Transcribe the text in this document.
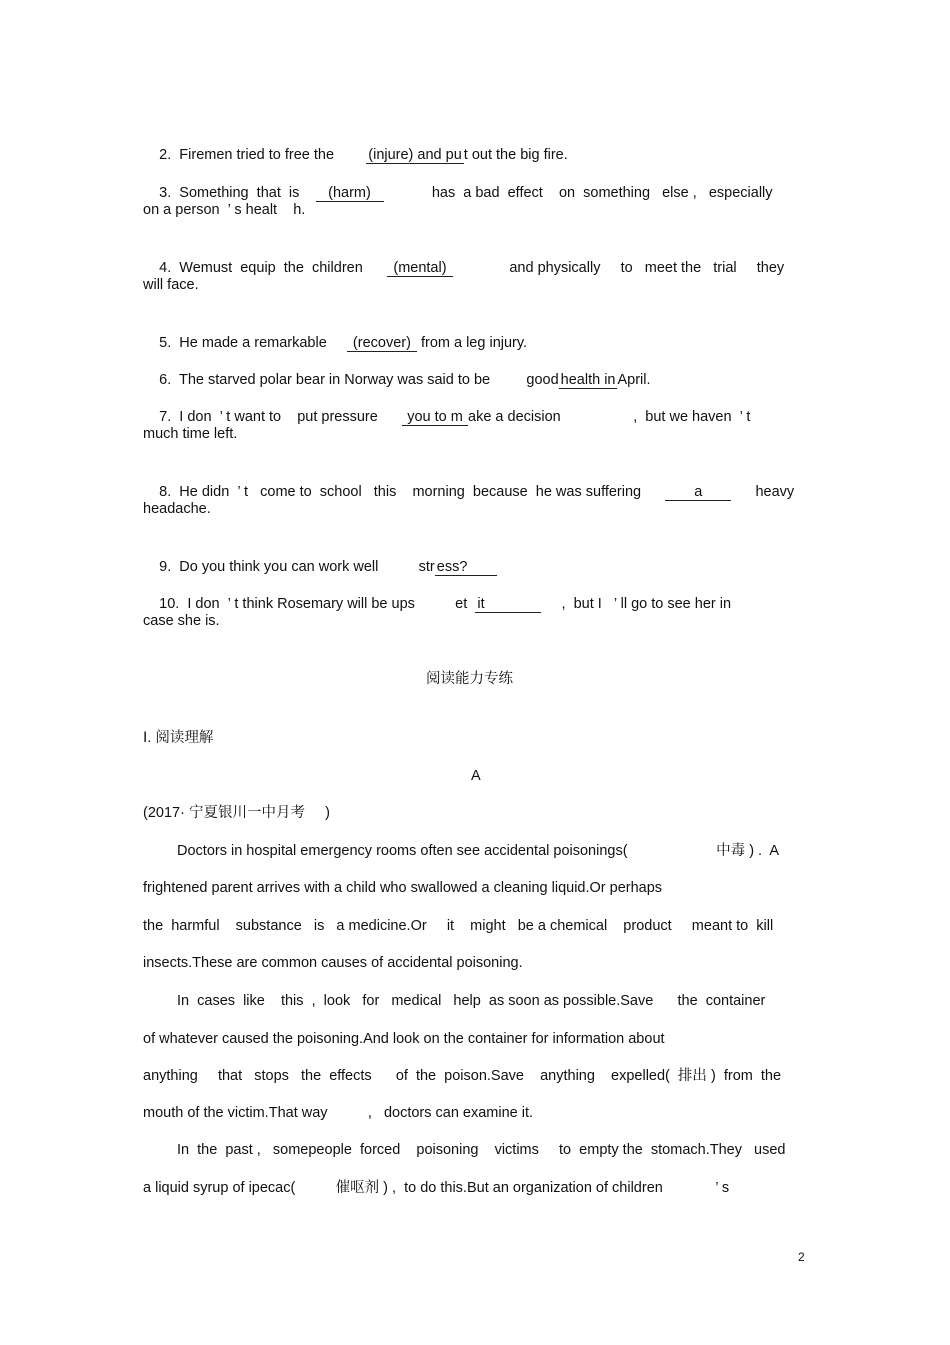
2. Firemen tried to free the (injure) and pu t out the big fire.

3. Something  that  is (harm)	has  a bad  effect    on  something   else ,   especially

on a person  ’ s healt    h.

4. Wemust  equip  the  children (mental)	and physically     to   meet the   trial     they

will face.

5. He made a remarkable (recover) from a leg injury.

6. The starved polar bear in Norway was said to be	good health in April.

7. I don  ’ t want to    put pressure you to m ake a decision                  ,  but we haven  ’ t

much time left.

8. He didn  ’ t   come to  school   this    morning  because  he was suffering	a	heavy

headache.

9. Do you think you can work well	str ess?

10. I don  ’ t think Rosemary will be ups          et it	,  but I   ’ ll go to see her in

case she is.
阅读能力专练
Ⅰ. 阅读理解
A
(2017· 宁夏银川一中月考     )
Doctors in hospital emergency rooms often see accidental poisonings(                      中毒 ) .  A
frightened parent arrives with a child who swallowed a cleaning liquid.Or perhaps
the  harmful    substance   is   a medicine.Or     it    might   be a chemical    product     meant to  kill
insects.These are common causes of accidental poisoning.
In  cases  like    this  ,  look   for   medical   help  as soon as possible.Save      the  container
of whatever caused the poisoning.And look on the container for information about
anything     that   stops   the  effects      of  the  poison.Save    anything    expelled(  排出 )  from  the
mouth of the victim.That way          ,   doctors can examine it.
In  the  past ,   somepeople  forced    poisoning    victims     to  empty the  stomach.They   used
a liquid syrup of ipecac(          催呕剂 ) ,  to do this.But an organization of children             ’ s
2
